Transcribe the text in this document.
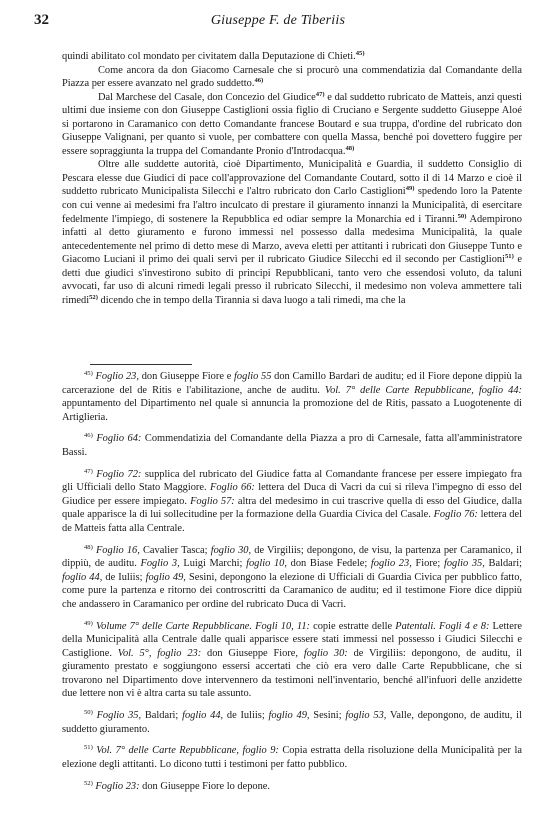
32	Giuseppe F. de Tiberiis

quindi abilitato col mondato per civitatem dalla Deputazione di Chieti.$^{45)}$

Come ancora da don Giacomo Carnesale che si procurò una commendatizia dal Comandante della Piazza per essere avanzato nel grado suddetto.$^{46)}$

Dal Marchese del Casale, don Concezio del Giudice$^{47)}$ e dal suddetto rubricato de Matteis, anzi questi ultimi due insieme con don Giuseppe Castiglioni ossia figlio di Cruciano e Sergente suddetto Giuseppe Aloé si portarono in Caramanico con detto Comandante francese Boutard e sua truppa, d'ordine del rubricato don Giuseppe Valignani, per quanto si vuole, per combattere con quella Massa, benché poi dovettero fuggire per essere sopraggiunta la truppa del Comandante Pronio d'Introdacqua.$^{48)}$

Oltre alle suddette autorità, cioè Dipartimento, Municipalità e Guardia, il suddetto Consiglio di Pescara elesse due Giudici di pace coll'approvazione del Comandante Coutard, sotto il di 14 Marzo e cioè il suddetto rubricato Municipalista Silecchi e l'altro rubricato don Carlo Castiglioni$^{49)}$ spedendo loro la Patente con cui venne ai medesimi fra l'altro inculcato di prestare il giuramento innanzi la Municipalità, di esercitare fedelmente l'impiego, di sostenere la Repubblica ed odiar sempre la Monarchia ed i Tiranni.$^{50)}$ Adempirono infatti al detto giuramento e furono immessi nel possesso dalla medesima Municipalità, la quale antecedentemente nel primo di detto mese di Marzo, aveva eletti per attitanti i rubricati don Giuseppe Tunto e Giacomo Luciani il primo dei quali servì per il rubricato Giudice Silecchi ed il secondo per Castiglioni$^{51)}$ e detti due giudici s'investirono subito di principi Repubblicani, tanto vero che essendosi voluto, da taluni avvocati, far uso di alcuni rimedi legali presso il rubricato Silecchi, il medesimo non voleva ammettere tali rimedi$^{52)}$ dicendo che in tempo della Tirannia si dava luogo a tali rimedi, ma che la

$^{45)}$ Foglio 23, don Giuseppe Fiore e foglio 55 don Camillo Bardari de auditu; ed il Fiore depone dippiù la carcerazione del de Ritis e l'abilitazione, anche de auditu. Vol. 7° delle Carte Repubblicane, foglio 44: appuntamento del Dipartimento nel quale si annuncia la promozione del de Ritis, passato a Luogotenente di Artiglieria.

$^{46)}$ Foglio 64: Commendatizia del Comandante della Piazza a pro di Carnesale, fatta all'amministratore Bassi.

$^{47)}$ Foglio 72: supplica del rubricato del Giudice fatta al Comandante francese per essere impiegato fra gli Ufficiali dello Stato Maggiore. Foglio 66: lettera del Duca di Vacri da cui si rileva l'impegno di esso del Giudice per essere impiegato. Foglio 57: altra del medesimo in cui trascrive quella di esso del Giudice, dalla quale apparisce la di lui sollecitudine per la formazione della Guardia Civica del Casale. Foglio 76: lettera del de Matteis fatta alla Centrale.

$^{48)}$ Foglio 16, Cavalier Tasca; foglio 30, de Virgiliis; depongono, de visu, la partenza per Caramanico, il dippiù, de auditu. Foglio 3, Luigi Marchi; foglio 10, don Biase Fedele; foglio 23, Fiore; foglio 35, Baldari; foglio 44, de Iuliis; foglio 49, Sesini, depongono la elezione di Ufficiali di Guardia Civica per pubblico fatto, come pure la partenza e ritorno dei controscritti da Caramanico de auditu; ed il testimone Fiore dice dippiù che andassero in Caramanico per ordine del rubricato Duca di Vacri.

$^{49)}$ Volume 7° delle Carte Repubblicane. Fogli 10, 11: copie estratte delle Patentali. Fogli 4 e 8: Lettere della Municipalità alla Centrale dalle quali apparisce essere stati immessi nel possesso i Giudici Silecchi e Castiglione. Vol. 5°, foglio 23: don Giuseppe Fiore, foglio 30: de Virgiliis: depongono, de auditu, il giuramento prestato e soggiungono essersi accertati che ciò era vero dalle Carte Repubblicane, che si trovarono nel Dipartimento dove intervennero da testimoni nell'inventario, benché all'infuori delle anzidette due lettere non vi è altra carta su tale assunto.

$^{50)}$ Foglio 35, Baldari; foglio 44, de Iuliis; foglio 49, Sesini; foglio 53, Valle, depongono, de auditu, il suddetto giuramento.

$^{51)}$ Vol. 7° delle Carte Repubblicane, foglio 9: Copia estratta della risoluzione della Municipalità per la elezione degli attitanti. Lo dicono tutti i testimoni per fatto pubblico.

$^{52)}$ Foglio 23: don Giuseppe Fiore lo depone.
